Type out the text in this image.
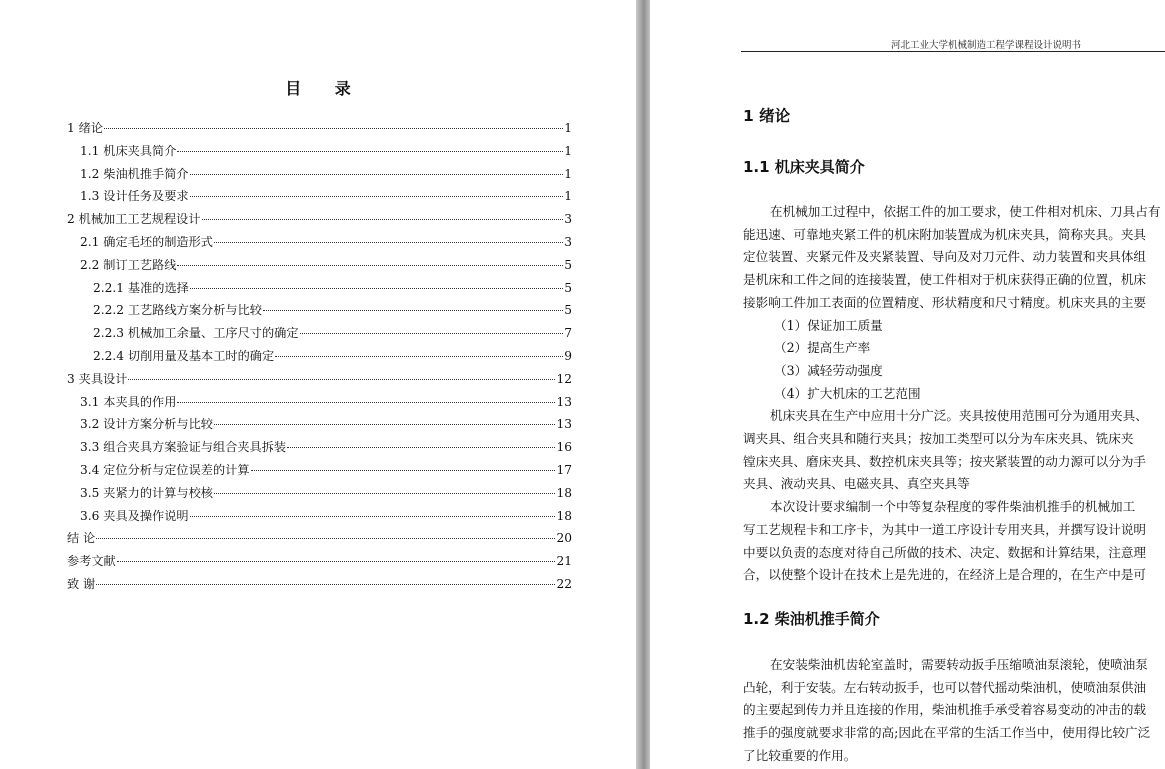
目 录
1 绪论	1
1.1 机床夹具简介	1
1.2 柴油机推手简介	1
1.3 设计任务及要求	1
2 机械加工工艺规程设计	3
2.1 确定毛坯的制造形式	3
2.2 制订工艺路线	5
2.2.1 基准的选择	5
2.2.2 工艺路线方案分析与比较	5
2.2.3 机械加工余量、工序尺寸的确定	7
2.2.4 切削用量及基本工时的确定	9
3 夹具设计	12
3.1 本夹具的作用	13
3.2 设计方案分析与比较	13
3.3 组合夹具方案验证与组合夹具拆装	16
3.4 定位分析与定位误差的计算	17
3.5 夹紧力的计算与校核	18
3.6 夹具及操作说明	18
结 论	20
参考文献	21
致 谢	22
河北工业大学机械制造工程学课程设计说明书
1 绪论
1.1 机床夹具简介
在机械加工过程中，依据工件的加工要求，使工件相对机床、刀具占有
能迅速、可靠地夹紧工件的机床附加装置成为机床夹具，简称夹具。夹具
定位装置、夹紧元件及夹紧装置、导向及对刀元件、动力装置和夹具体组
是机床和工件之间的连接装置，使工件相对于机床获得正确的位置，机床
接影响工件加工表面的位置精度、形状精度和尺寸精度。机床夹具的主要
（1）保证加工质量
（2）提高生产率
（3）减轻劳动强度
（4）扩大机床的工艺范围
机床夹具在生产中应用十分广泛。夹具按使用范围可分为通用夹具、
调夹具、组合夹具和随行夹具；按加工类型可以分为车床夹具、铣床夹
镗床夹具、磨床夹具、数控机床夹具等；按夹紧装置的动力源可以分为手
夹具、液动夹具、电磁夹具、真空夹具等
本次设计要求编制一个中等复杂程度的零件柴油机推手的机械加工
写工艺规程卡和工序卡，为其中一道工序设计专用夹具，并撰写设计说明
中要以负责的态度对待自己所做的技术、决定、数据和计算结果，注意理
合，以使整个设计在技术上是先进的，在经济上是合理的，在生产中是可
1.2 柴油机推手简介
在安装柴油机齿轮室盖时，需要转动扳手压缩喷油泵滚轮，使喷油泵
凸轮，利于安装。左右转动扳手，也可以替代摇动柴油机，使喷油泵供油
的主要起到传力并且连接的作用，柴油机推手承受着容易变动的冲击的载
推手的强度就要求非常的高;因此在平常的生活工作当中，使用得比较广泛
了比较重要的作用。
